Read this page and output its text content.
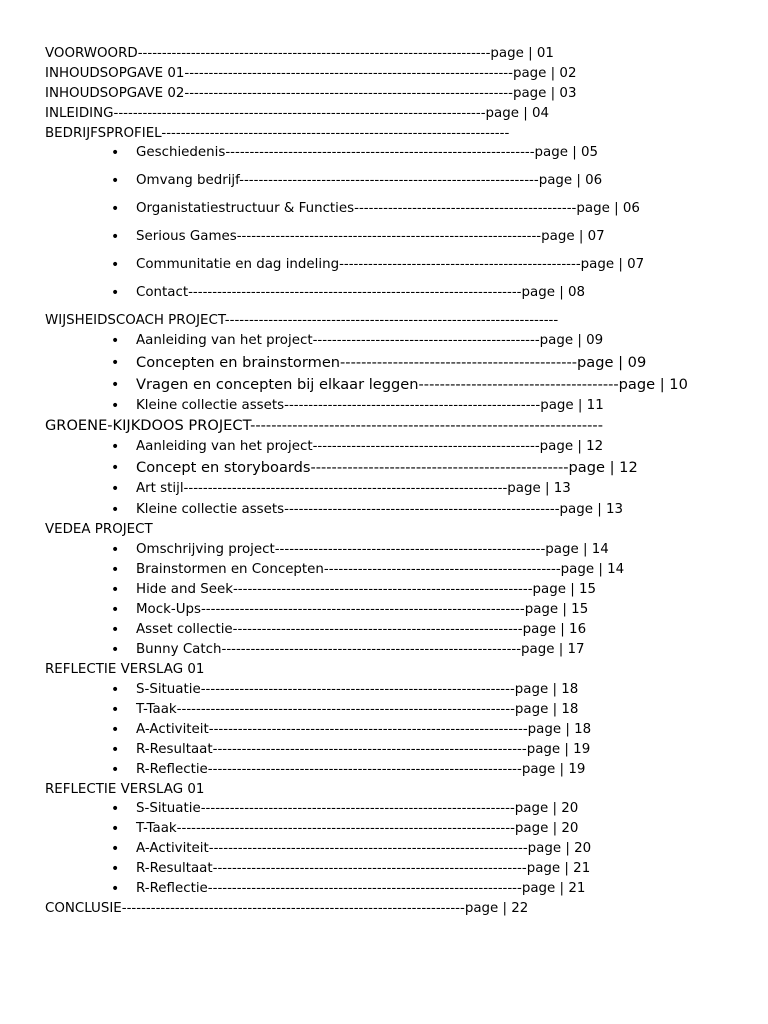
VOORWOORD-------------------------------------------------------------------------page | 01
INHOUDSOPGAVE 01--------------------------------------------------------------------page | 02
INHOUDSOPGAVE 02--------------------------------------------------------------------page | 03
INLEIDING-----------------------------------------------------------------------------page | 04
BEDRIJFSPROFIEL------------------------------------------------------------------------
• Geschiedenis----------------------------------------------------------------page | 05
• Omvang bedrijf--------------------------------------------------------------page | 06
• Organistatiestructuur & Functies----------------------------------------------page | 06
• Serious Games---------------------------------------------------------------page | 07
• Communitatie en dag indeling--------------------------------------------------page | 07
• Contact---------------------------------------------------------------------page | 08
WIJSHEIDSCOACH PROJECT---------------------------------------------------------------------
• Aanleiding van het project-----------------------------------------------page | 09
• Concepten en brainstormen---------------------------------------------page | 09
• Vragen en concepten bij elkaar leggen--------------------------------------page | 10
• Kleine collectie assets-----------------------------------------------------page | 11
GROENE-KIJKDOOS PROJECT-------------------------------------------------------------------
• Aanleiding van het project-----------------------------------------------page | 12
• Concept en storyboards-------------------------------------------------page | 12
• Art stijl-------------------------------------------------------------------page | 13
• Kleine collectie assets---------------------------------------------------------page | 13
VEDEA PROJECT
• Omschrijving project--------------------------------------------------------page | 14
• Brainstormen en Concepten-------------------------------------------------page | 14
• Hide and Seek--------------------------------------------------------------page | 15
• Mock-Ups-------------------------------------------------------------------page | 15
• Asset collectie------------------------------------------------------------page | 16
• Bunny Catch--------------------------------------------------------------page | 17
REFLECTIE VERSLAG 01
• S-Situatie-----------------------------------------------------------------page | 18
• T-Taak----------------------------------------------------------------------page | 18
• A-Activiteit------------------------------------------------------------------page | 18
• R-Resultaat-----------------------------------------------------------------page | 19
• R-Reflectie-----------------------------------------------------------------page | 19
REFLECTIE VERSLAG 01
• S-Situatie-----------------------------------------------------------------page | 20
• T-Taak----------------------------------------------------------------------page | 20
• A-Activiteit------------------------------------------------------------------page | 20
• R-Resultaat-----------------------------------------------------------------page | 21
• R-Reflectie-----------------------------------------------------------------page | 21
CONCLUSIE-----------------------------------------------------------------------page | 22
